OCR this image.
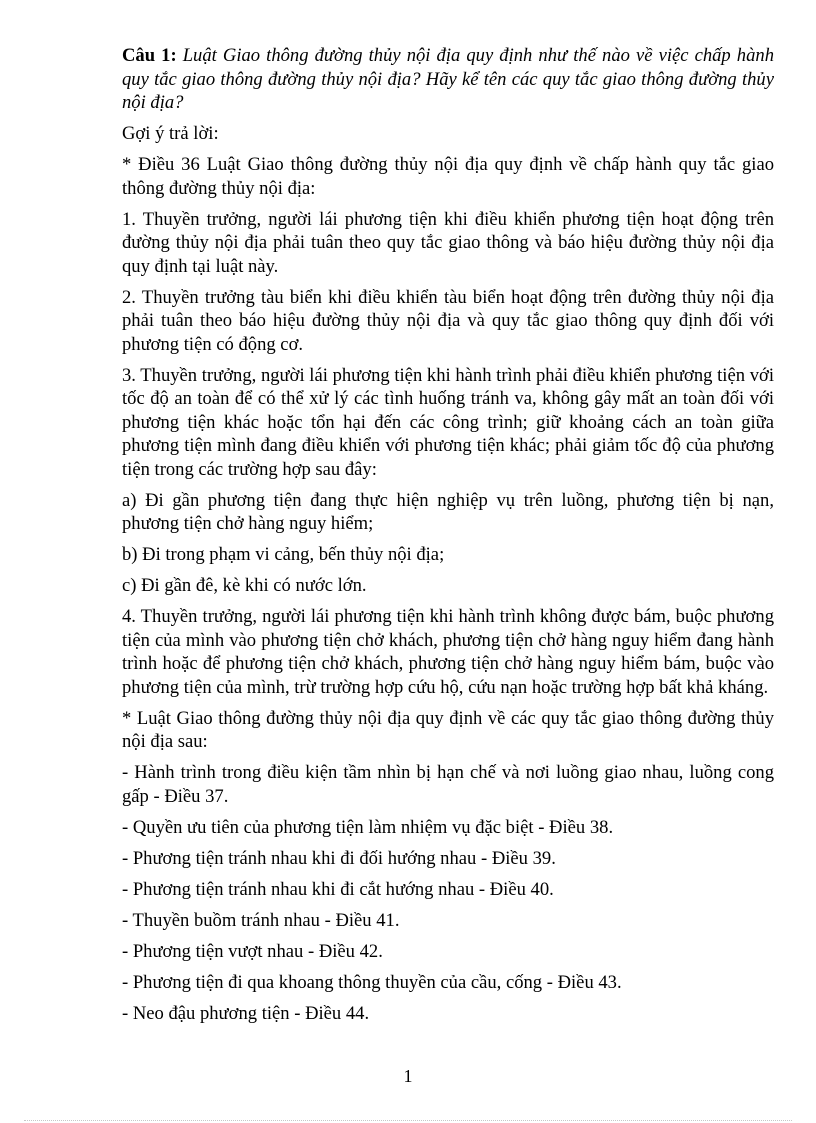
Câu 1: Luật Giao thông đường thủy nội địa quy định như thế nào về việc chấp hành quy tắc giao thông đường thủy nội địa? Hãy kể tên các quy tắc giao thông đường thủy nội địa?

Gợi ý trả lời:

* Điều 36 Luật Giao thông đường thủy nội địa quy định về chấp hành quy tắc giao thông đường thủy nội địa:

1. Thuyền trưởng, người lái phương tiện khi điều khiển phương tiện hoạt động trên đường thủy nội địa phải tuân theo quy tắc giao thông và báo hiệu đường thủy nội địa quy định tại luật này.

2. Thuyền trưởng tàu biển khi điều khiển tàu biển hoạt động trên đường thủy nội địa phải tuân theo báo hiệu đường thủy nội địa và quy tắc giao thông quy định đối với phương tiện có động cơ.

3. Thuyền trưởng, người lái phương tiện khi hành trình phải điều khiển phương tiện với tốc độ an toàn để có thể xử lý các tình huống tránh va, không gây mất an toàn đối với phương tiện khác hoặc tổn hại đến các công trình; giữ khoảng cách an toàn giữa phương tiện mình đang điều khiển với phương tiện khác; phải giảm tốc độ của phương tiện trong các trường hợp sau đây:

a) Đi gần phương tiện đang thực hiện nghiệp vụ trên luồng, phương tiện bị nạn, phương tiện chở hàng nguy hiểm;

b) Đi trong phạm vi cảng, bến thủy nội địa;

c) Đi gần đê, kè khi có nước lớn.

4. Thuyền trưởng, người lái phương tiện khi hành trình không được bám, buộc phương tiện của mình vào phương tiện chở khách, phương tiện chở hàng nguy hiểm đang hành trình hoặc để phương tiện chở khách, phương tiện chở hàng nguy hiểm bám, buộc vào phương tiện của mình, trừ trường hợp cứu hộ, cứu nạn hoặc trường hợp bất khả kháng.

* Luật Giao thông đường thủy nội địa quy định về các quy tắc giao thông đường thủy nội địa sau:

- Hành trình trong điều kiện tầm nhìn bị hạn chế và nơi luồng giao nhau, luồng cong gấp - Điều 37.

- Quyền ưu tiên của phương tiện làm nhiệm vụ đặc biệt - Điều 38.

- Phương tiện tránh nhau khi đi đối hướng nhau - Điều 39.

- Phương tiện tránh nhau khi đi cắt hướng nhau - Điều 40.

- Thuyền buồm tránh nhau - Điều 41.

- Phương tiện vượt nhau - Điều 42.

- Phương tiện đi qua khoang thông thuyền của cầu, cống - Điều 43.

- Neo đậu phương tiện - Điều 44.

1
